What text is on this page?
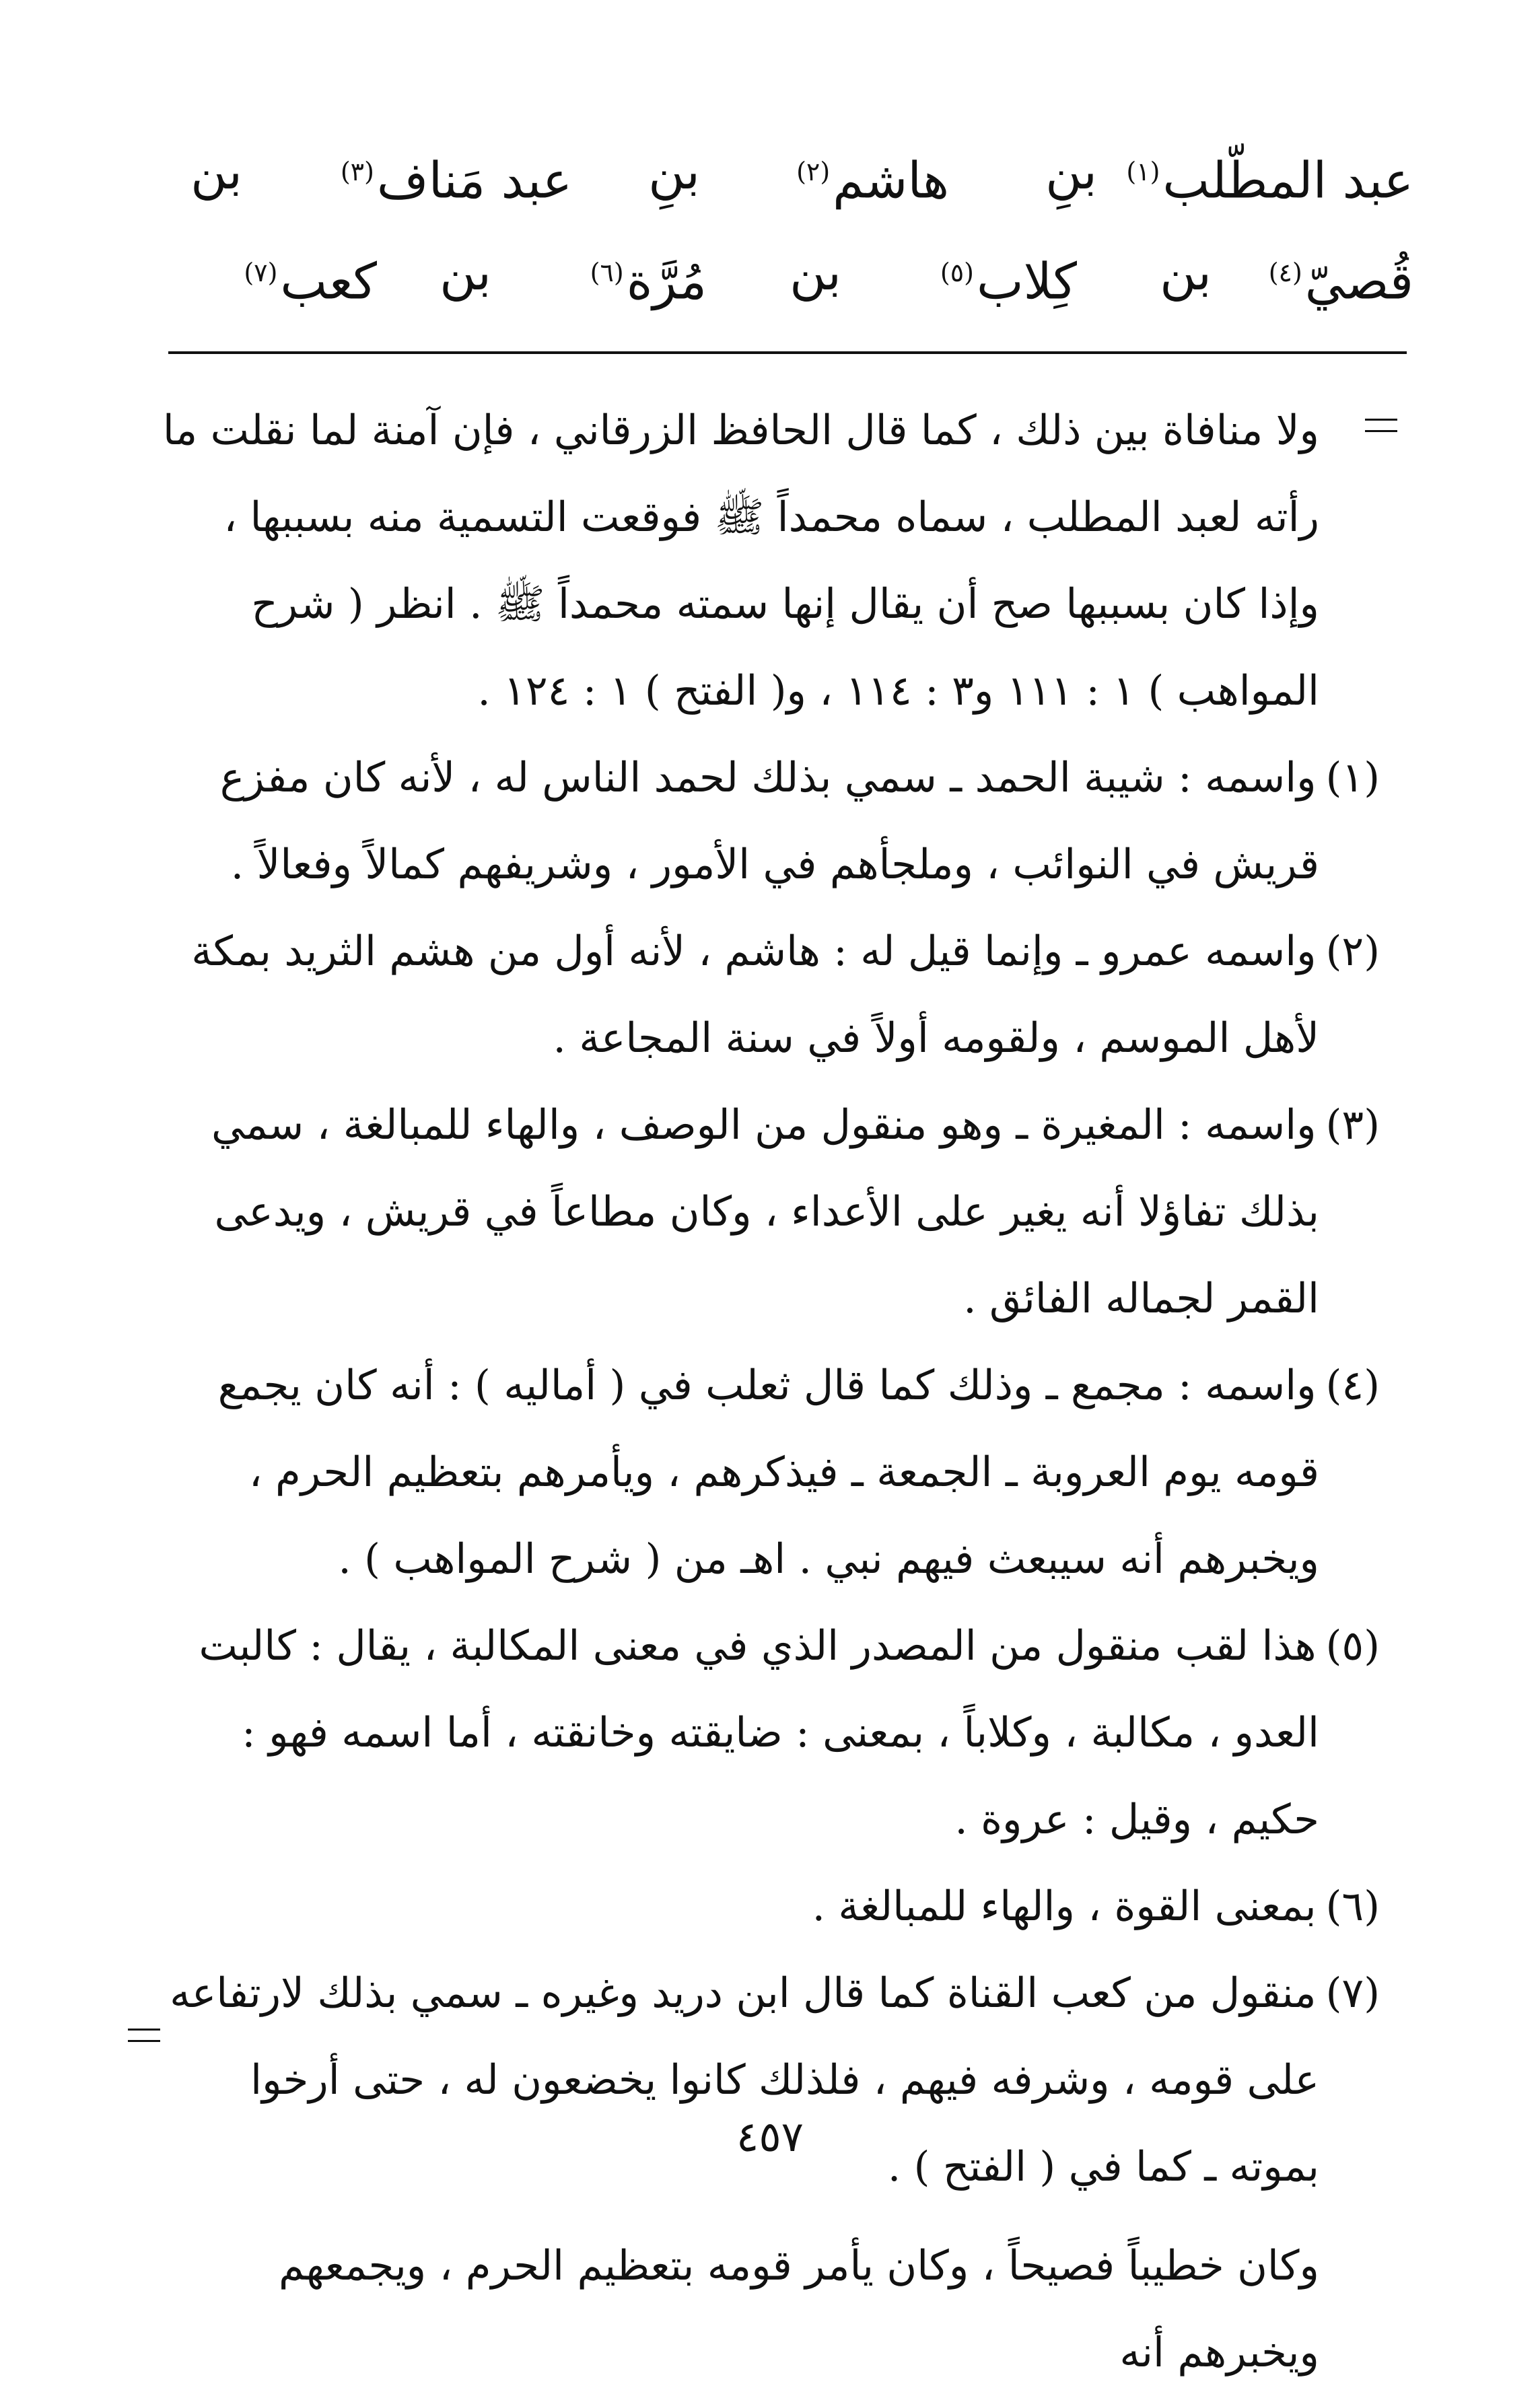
عبد المطّلب$^{(١)}$
بنِ
هاشم$^{(٢)}$
بنِ
عبد مَناف$^{(٣)}$
بن
قُصيّ$^{(٤)}$
بن
كِلاب$^{(٥)}$
بن
مُرَّة$^{(٦)}$
بن
كعب$^{(٧)}$

ولا منافاة بين ذلك ، كما قال الحافظ الزرقاني ، فإن آمنة لما نقلت ما رأته لعبد المطلب ، سماه محمداً ﷺ فوقعت التسمية منه بسببها ، وإذا كان بسببها صح أن يقال إنها سمته محمداً ﷺ . انظر ( شرح المواهب ) ١ : ١١١ و٣ : ١١٤ ، و( الفتح ) ١ : ١٢٤ .

(١)واسمه : شيبة الحمد ـ سمي بذلك لحمد الناس له ، لأنه كان مفزع قريش في النوائب ، وملجأهم في الأمور ، وشريفهم كمالاً وفعالاً .

(٢)واسمه عمرو ـ وإنما قيل له : هاشم ، لأنه أول من هشم الثريد بمكة لأهل الموسم ، ولقومه أولاً في سنة المجاعة .

(٣)واسمه : المغيرة ـ وهو منقول من الوصف ، والهاء للمبالغة ، سمي بذلك تفاؤلا أنه يغير على الأعداء ، وكان مطاعاً في قريش ، ويدعى القمر لجماله الفائق .

(٤)واسمه : مجمع ـ وذلك كما قال ثعلب في ( أماليه ) : أنه كان يجمع قومه يوم العروبة ـ الجمعة ـ فيذكرهم ، ويأمرهم بتعظيم الحرم ، ويخبرهم أنه سيبعث فيهم نبي . اهـ من ( شرح المواهب ) .

(٥)هذا لقب منقول من المصدر الذي في معنى المكالبة ، يقال : كالبت العدو ، مكالبة ، وكلاباً ، بمعنى : ضايقته وخانقته ، أما اسمه فهو : حكيم ، وقيل : عروة .

(٦)بمعنى القوة ، والهاء للمبالغة .

(٧)منقول من كعب القناة كما قال ابن دريد وغيره ـ سمي بذلك لارتفاعه على قومه ، وشرفه فيهم ، فلذلك كانوا يخضعون له ، حتى أرخوا بموته ـ كما في ( الفتح ) .

وكان خطيباً فصيحاً ، وكان يأمر قومه بتعظيم الحرم ، ويجمعهم ويخبرهم أنه

٤٥٧
